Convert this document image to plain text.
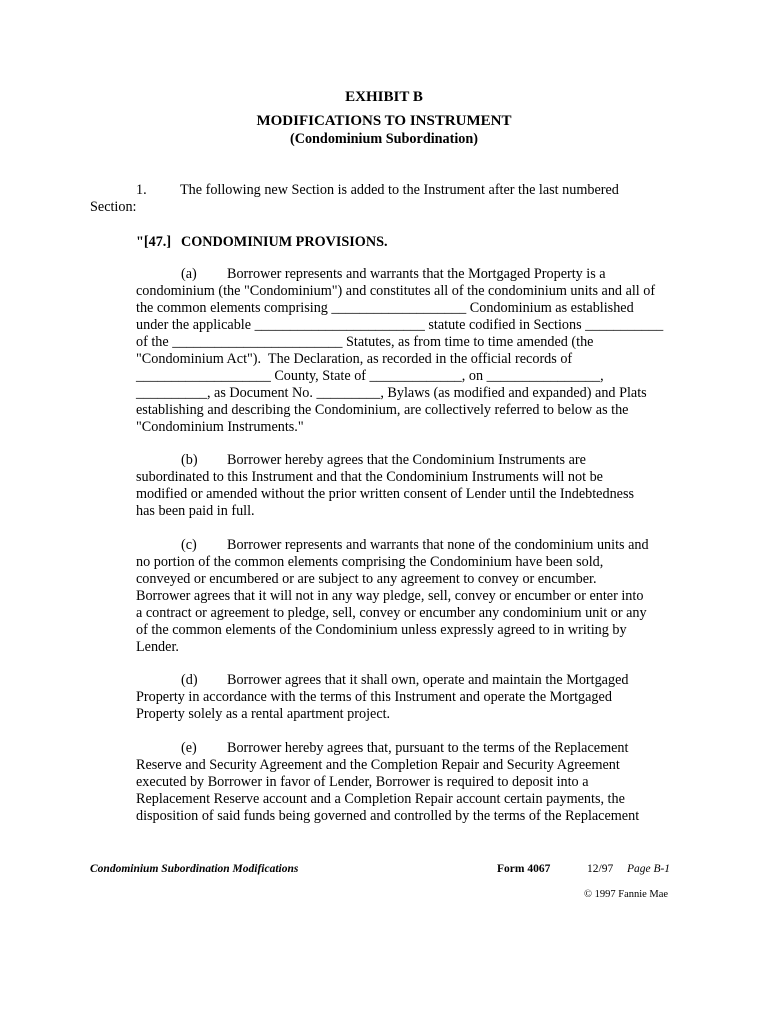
EXHIBIT B
MODIFICATIONS TO INSTRUMENT
(Condominium Subordination)
1. The following new Section is added to the Instrument after the last numbered
Section:
"[47.] CONDOMINIUM PROVISIONS.
(a)	Borrower represents and warrants that the Mortgaged Property is a
condominium (the "Condominium") and constitutes all of the condominium units and all of
the common elements comprising ___________________ Condominium as established
under the applicable ________________________ statute codified in Sections ___________
of the ________________________ Statutes, as from time to time amended (the
"Condominium Act").  The Declaration, as recorded in the official records of
___________________ County, State of _____________, on ________________,
__________, as Document No. _________, Bylaws (as modified and expanded) and Plats
establishing and describing the Condominium, are collectively referred to below as the
"Condominium Instruments."
(b)	Borrower hereby agrees that the Condominium Instruments are
subordinated to this Instrument and that the Condominium Instruments will not be
modified or amended without the prior written consent of Lender until the Indebtedness
has been paid in full.
(c)	Borrower represents and warrants that none of the condominium units and
no portion of the common elements comprising the Condominium have been sold,
conveyed or encumbered or are subject to any agreement to convey or encumber.
Borrower agrees that it will not in any way pledge, sell, convey or encumber or enter into
a contract or agreement to pledge, sell, convey or encumber any condominium unit or any
of the common elements of the Condominium unless expressly agreed to in writing by
Lender.
(d)	Borrower agrees that it shall own, operate and maintain the Mortgaged
Property in accordance with the terms of this Instrument and operate the Mortgaged
Property solely as a rental apartment project.
(e)	Borrower hereby agrees that, pursuant to the terms of the Replacement
Reserve and Security Agreement and the Completion Repair and Security Agreement
executed by Borrower in favor of Lender, Borrower is required to deposit into a
Replacement Reserve account and a Completion Repair account certain payments, the
disposition of said funds being governed and controlled by the terms of the Replacement
Condominium Subordination Modifications	Form 4067	12/97 Page B-1
© 1997 Fannie Mae
